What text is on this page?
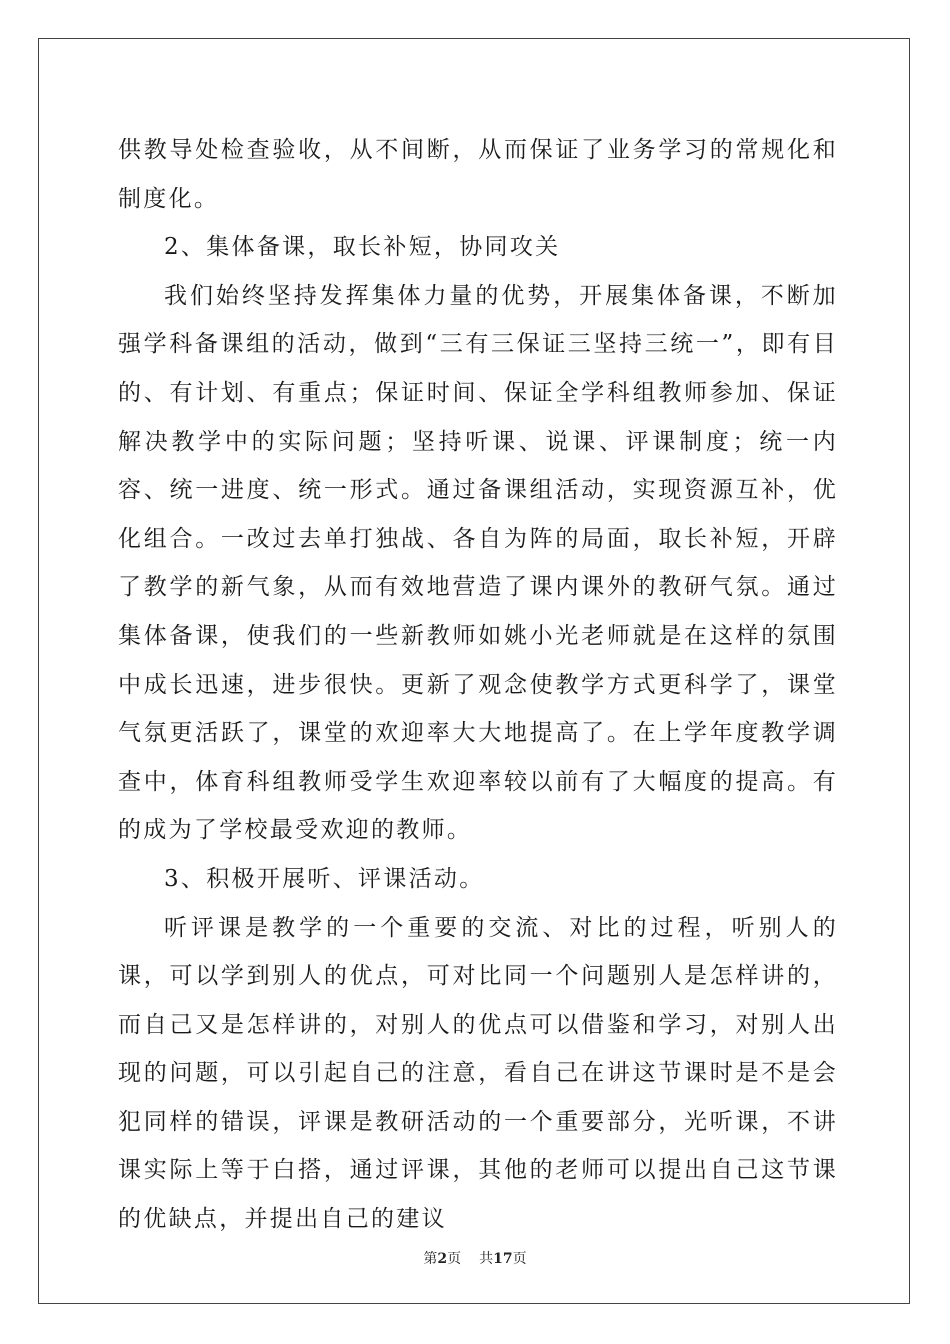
供教导处检查验收，从不间断，从而保证了业务学习的常规化和制度化。

2、集体备课，取长补短，协同攻关

我们始终坚持发挥集体力量的优势，开展集体备课，不断加强学科备课组的活动，做到“三有三保证三坚持三统一”，即有目的、有计划、有重点；保证时间、保证全学科组教师参加、保证解决教学中的实际问题；坚持听课、说课、评课制度；统一内容、统一进度、统一形式。通过备课组活动，实现资源互补，优化组合。一改过去单打独战、各自为阵的局面，取长补短，开辟了教学的新气象，从而有效地营造了课内课外的教研气氛。通过集体备课，使我们的一些新教师如姚小光老师就是在这样的氛围中成长迅速，进步很快。更新了观念使教学方式更科学了，课堂气氛更活跃了，课堂的欢迎率大大地提高了。在上学年度教学调查中，体育科组教师受学生欢迎率较以前有了大幅度的提高。有的成为了学校最受欢迎的教师。

3、积极开展听、评课活动。

听评课是教学的一个重要的交流、对比的过程，听别人的课，可以学到别人的优点，可对比同一个问题别人是怎样讲的，而自己又是怎样讲的，对别人的优点可以借鉴和学习，对别人出现的问题，可以引起自己的注意，看自己在讲这节课时是不是会犯同样的错误，评课是教研活动的一个重要部分，光听课，不讲课实际上等于白搭，通过评课，其他的老师可以提出自己这节课的优缺点，并提出自己的建议

第2页 共17页
